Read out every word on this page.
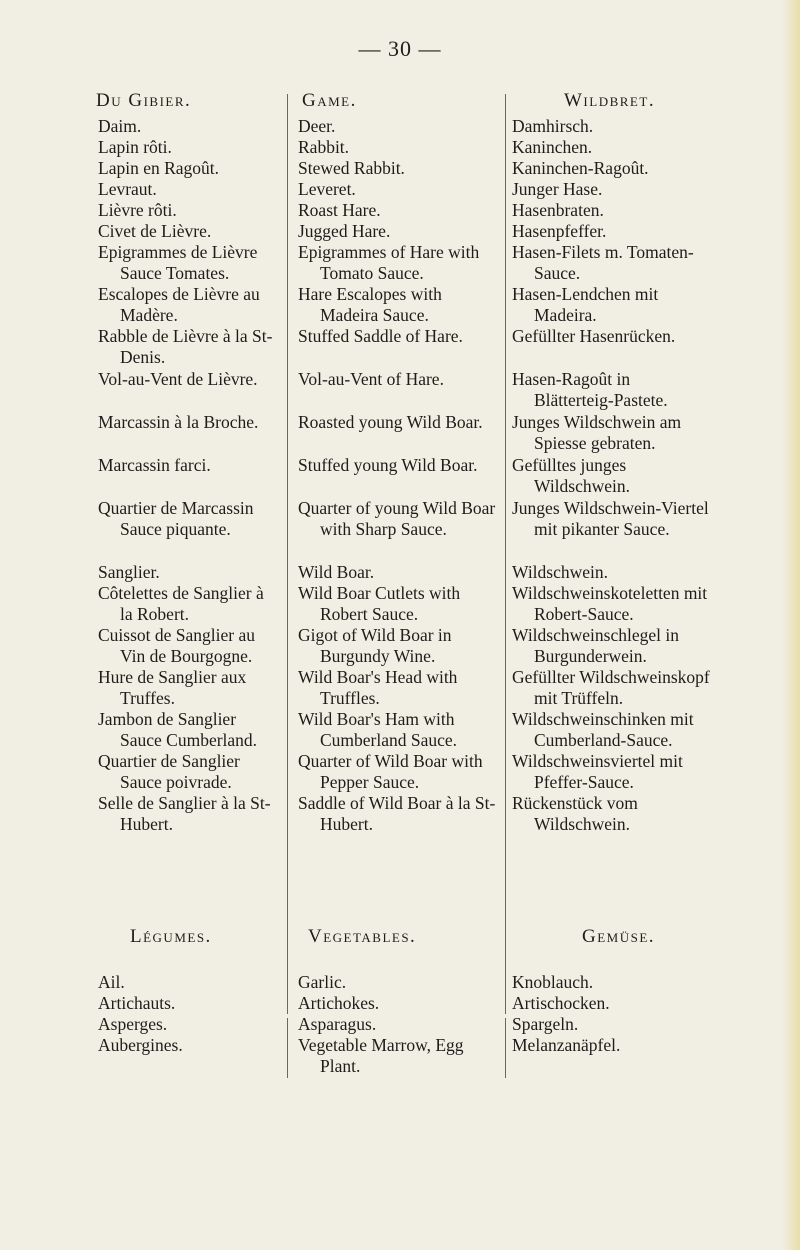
— 30 —
Du Gibier.
Daim.
Lapin rôti.
Lapin en Ragoût.
Levraut.
Lièvre rôti.
Civet de Lièvre.
Epigrammes de Lièvre Sauce Tomates.
Escalopes de Lièvre au Madère.
Rabble de Lièvre à la St-Denis.
Vol-au-Vent de Lièvre.
Marcassin à la Broche.
Marcassin farci.
Quartier de Marcassin Sauce piquante.
Sanglier.
Côtelettes de Sanglier à la Robert.
Cuissot de Sanglier au Vin de Bourgogne.
Hure de Sanglier aux Truffes.
Jambon de Sanglier Sauce Cumberland.
Quartier de Sanglier Sauce poivrade.
Selle de Sanglier à la St-Hubert.
Game.
Deer.
Rabbit.
Stewed Rabbit.
Leveret.
Roast Hare.
Jugged Hare.
Epigrammes of Hare with Tomato Sauce.
Hare Escalopes with Madeira Sauce.
Stuffed Saddle of Hare.
Vol-au-Vent of Hare.
Roasted young Wild Boar.
Stuffed young Wild Boar.
Quarter of young Wild Boar with Sharp Sauce.
Wild Boar.
Wild Boar Cutlets with Robert Sauce.
Gigot of Wild Boar in Burgundy Wine.
Wild Boar's Head with Truffles.
Wild Boar's Ham with Cumberland Sauce.
Quarter of Wild Boar with Pepper Sauce.
Saddle of Wild Boar à la St-Hubert.
Wildbret.
Damhirsch.
Kaninchen.
Kaninchen-Ragoût.
Junger Hase.
Hasenbraten.
Hasenpfeffer.
Hasen-Filets m. Tomaten-Sauce.
Hasen-Lendchen mit Madeira.
Gefüllter Hasenrücken.
Hasen-Ragoût in Blätterteig-Pastete.
Junges Wildschwein am Spiesse gebraten.
Gefülltes junges Wildschwein.
Junges Wildschwein-Viertel mit pikanter Sauce.
Wildschwein.
Wildschweinskoteletten mit Robert-Sauce.
Wildschweinschlegel in Burgunderwein.
Gefüllter Wildschweinskopf mit Trüffeln.
Wildschweinschinken mit Cumberland-Sauce.
Wildschweinsviertel mit Pfeffer-Sauce.
Rückenstück vom Wildschwein.
Légumes.
Ail.
Artichauts.
Asperges.
Aubergines.
Vegetables.
Garlic.
Artichokes.
Asparagus.
Vegetable Marrow, Egg Plant.
Gemüse.
Knoblauch.
Artischocken.
Spargeln.
Melanzanäpfel.
